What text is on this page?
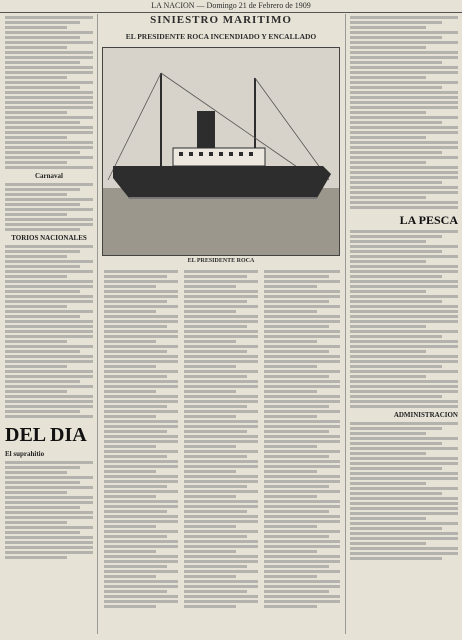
LA NACION — Domingo 21 de Febrero de 1909
SINIESTRO MARITIMO
EL PRESIDENTE ROCA INCENDIADO Y ENCALLADO
EL PRESIDENTE ROCA
Carnaval
TORIOS NACIONALES
DEL DIA
El suprahitio
LA PESCA
ADMINISTRACION
